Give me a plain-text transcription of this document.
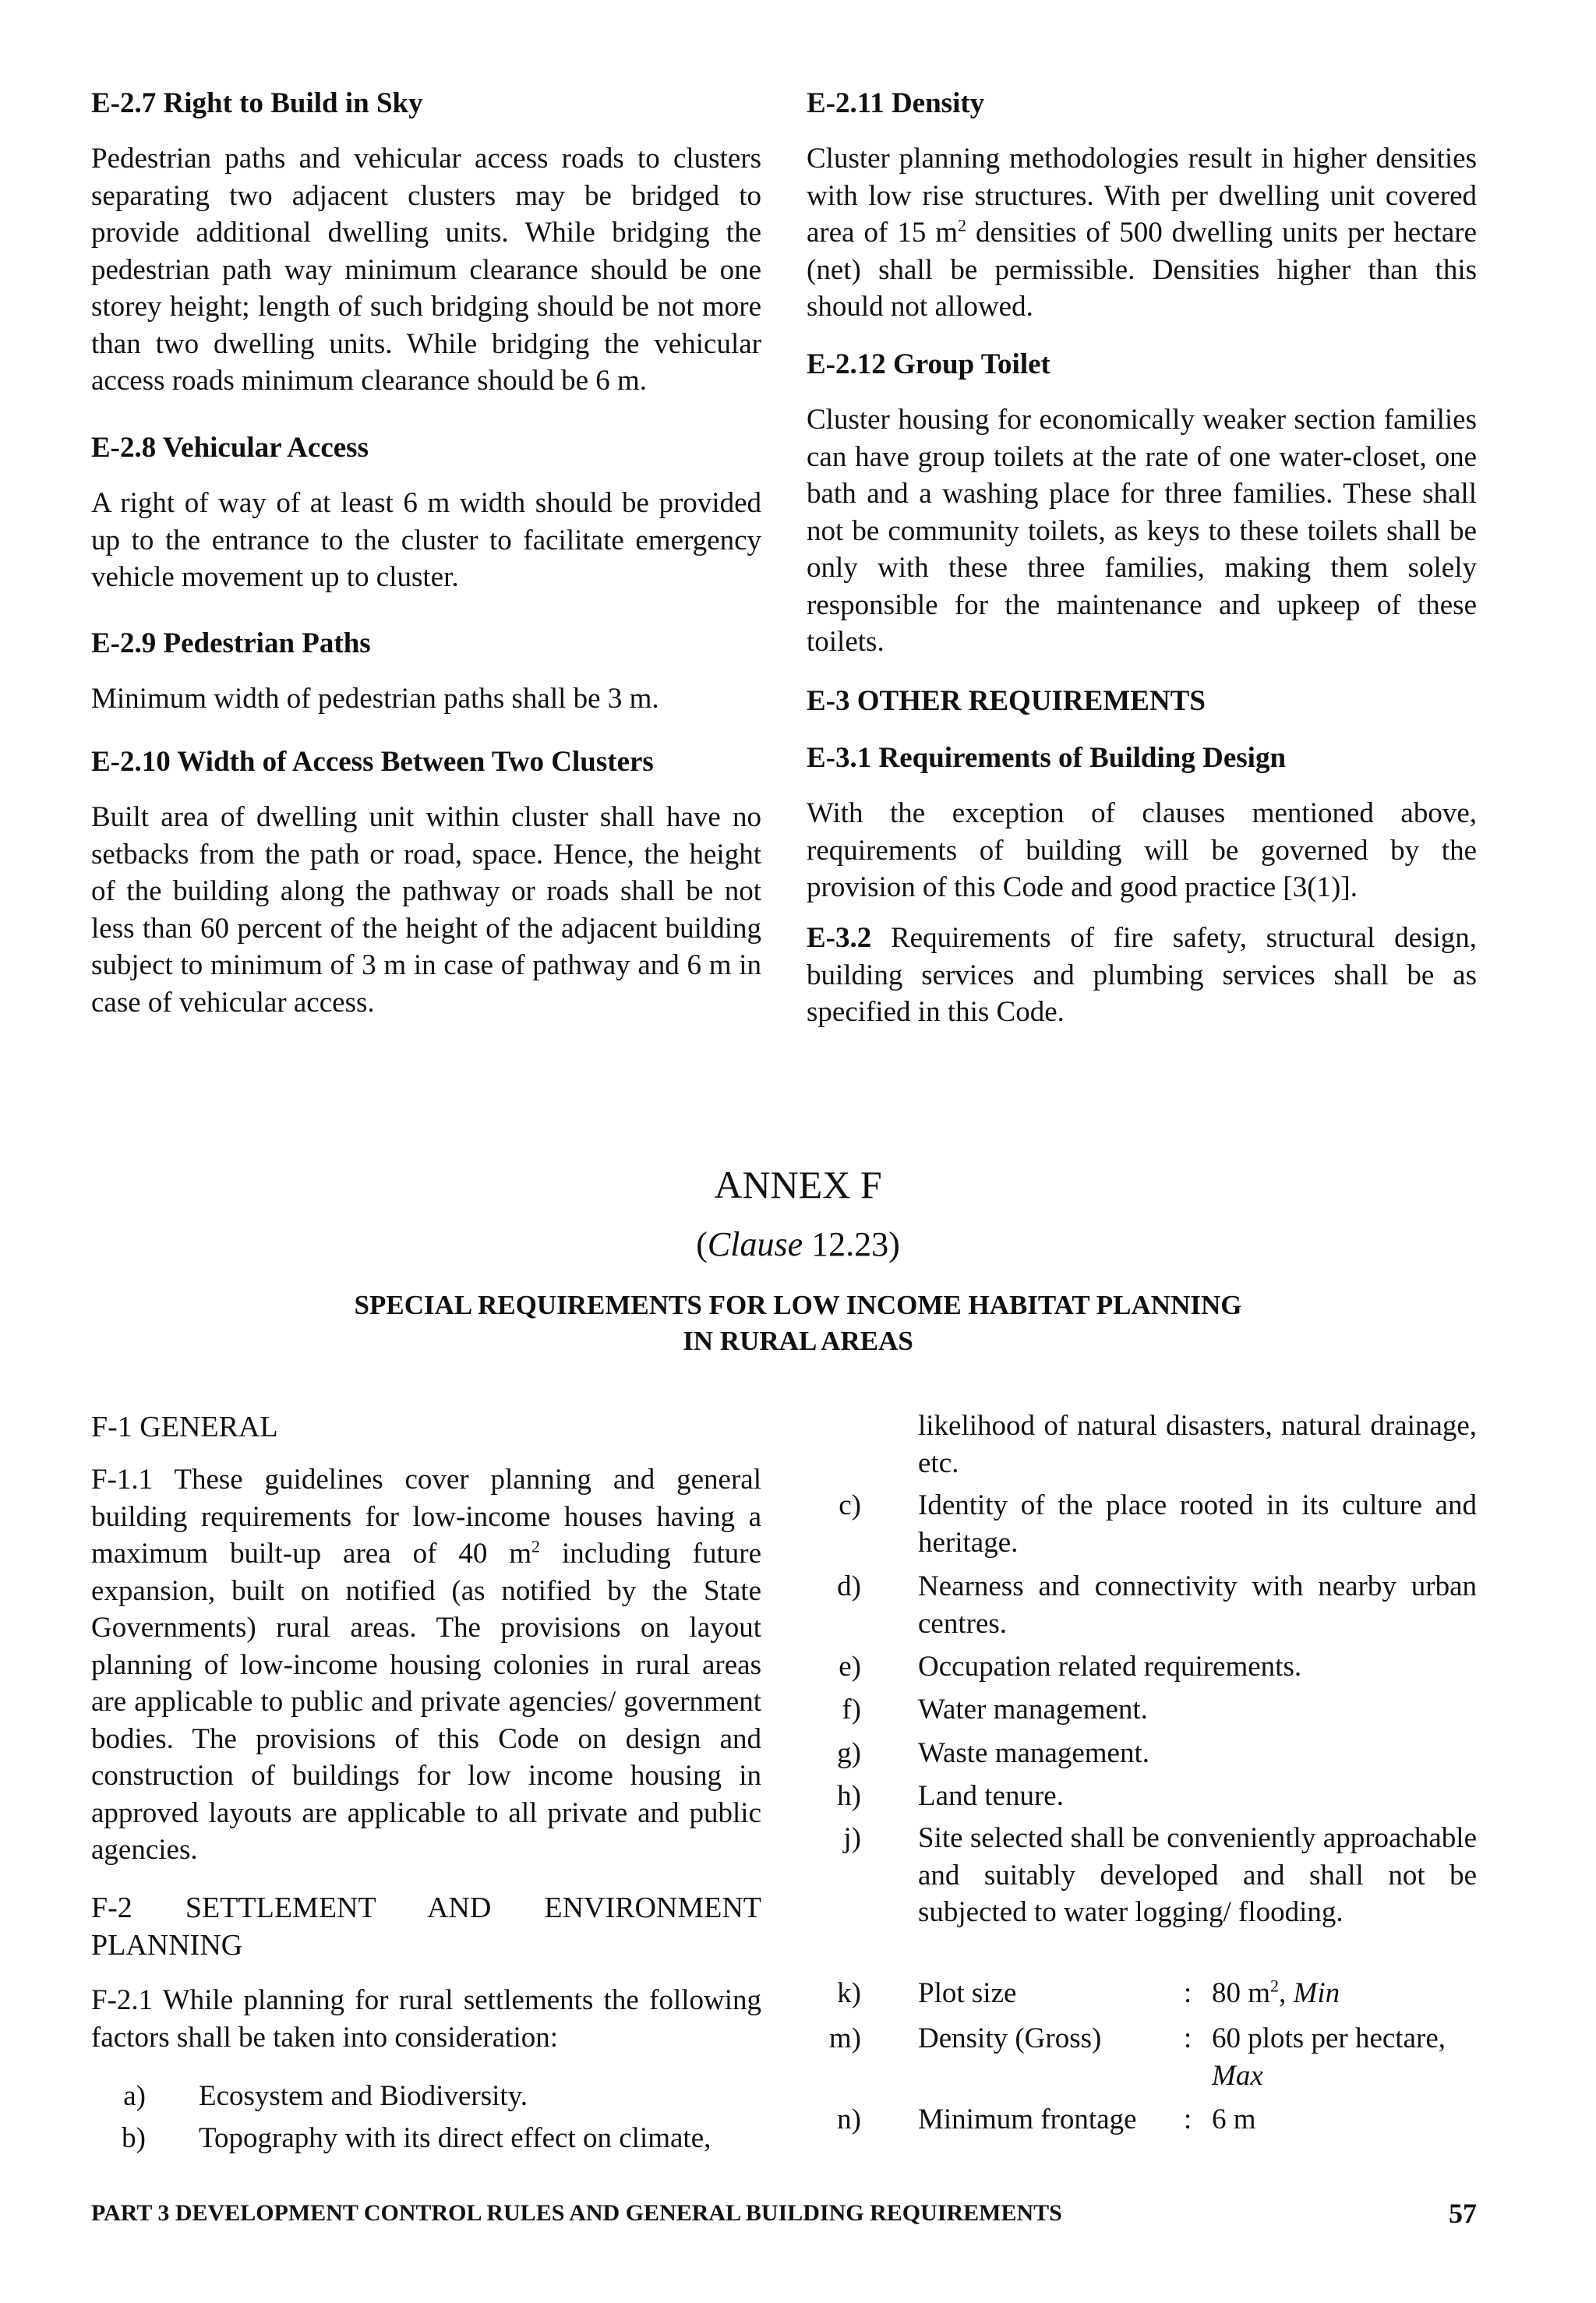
E-2.7 Right to Build in Sky

Pedestrian paths and vehicular access roads to clusters separating two adjacent clusters may be bridged to provide additional dwelling units. While bridging the pedestrian path way minimum clearance should be one storey height; length of such bridging should be not more than two dwelling units. While bridging the vehicular access roads minimum clearance should be 6 m.

E-2.8 Vehicular Access

A right of way of at least 6 m width should be provided up to the entrance to the cluster to facilitate emergency vehicle movement up to cluster.

E-2.9 Pedestrian Paths

Minimum width of pedestrian paths shall be 3 m.

E-2.10 Width of Access Between Two Clusters

Built area of dwelling unit within cluster shall have no setbacks from the path or road, space. Hence, the height of the building along the pathway or roads shall be not less than 60 percent of the height of the adjacent building subject to minimum of 3 m in case of pathway and 6 m in case of vehicular access.

E-2.11 Density

Cluster planning methodologies result in higher densities with low rise structures. With per dwelling unit covered area of 15 $m^2$ densities of 500 dwelling units per hectare (net) shall be permissible. Densities higher than this should not allowed.

E-2.12 Group Toilet

Cluster housing for economically weaker section families can have group toilets at the rate of one water-closet, one bath and a washing place for three families. These shall not be community toilets, as keys to these toilets shall be only with these three families, making them solely responsible for the maintenance and upkeep of these toilets.

E-3 OTHER REQUIREMENTS

E-3.1 Requirements of Building Design

With the exception of clauses mentioned above, requirements of building will be governed by the provision of this Code and good practice [3(1)].

E-3.2 Requirements of fire safety, structural design, building services and plumbing services shall be as specified in this Code.

ANNEX F
(Clause 12.23)
SPECIAL REQUIREMENTS FOR LOW INCOME HABITAT PLANNING
IN RURAL AREAS

F-1 GENERAL

F-1.1 These guidelines cover planning and general building requirements for low-income houses having a maximum built-up area of 40 $m^2$ including future expansion, built on notified (as notified by the State Governments) rural areas. The provisions on layout planning of low-income housing colonies in rural areas are applicable to public and private agencies/ government bodies. The provisions of this Code on design and construction of buildings for low income housing in approved layouts are applicable to all private and public agencies.

F-2 SETTLEMENT AND ENVIRONMENT PLANNING

F-2.1 While planning for rural settlements the following factors shall be taken into consideration:

a) Ecosystem and Biodiversity.
b) Topography with its direct effect on climate,
likelihood of natural disasters, natural drainage, etc.
c) Identity of the place rooted in its culture and heritage.
d) Nearness and connectivity with nearby urban centres.
e) Occupation related requirements.
f) Water management.
g) Waste management.
h) Land tenure.
j) Site selected shall be conveniently approachable and suitably developed and shall not be subjected to water logging/ flooding.
k) Plot size	: 80 $m^2$, Min
m) Density (Gross)	: 60 plots per hectare,
Max
n) Minimum frontage	: 6 m
PART 3 DEVELOPMENT CONTROL RULES AND GENERAL BUILDING REQUIREMENTS	57
